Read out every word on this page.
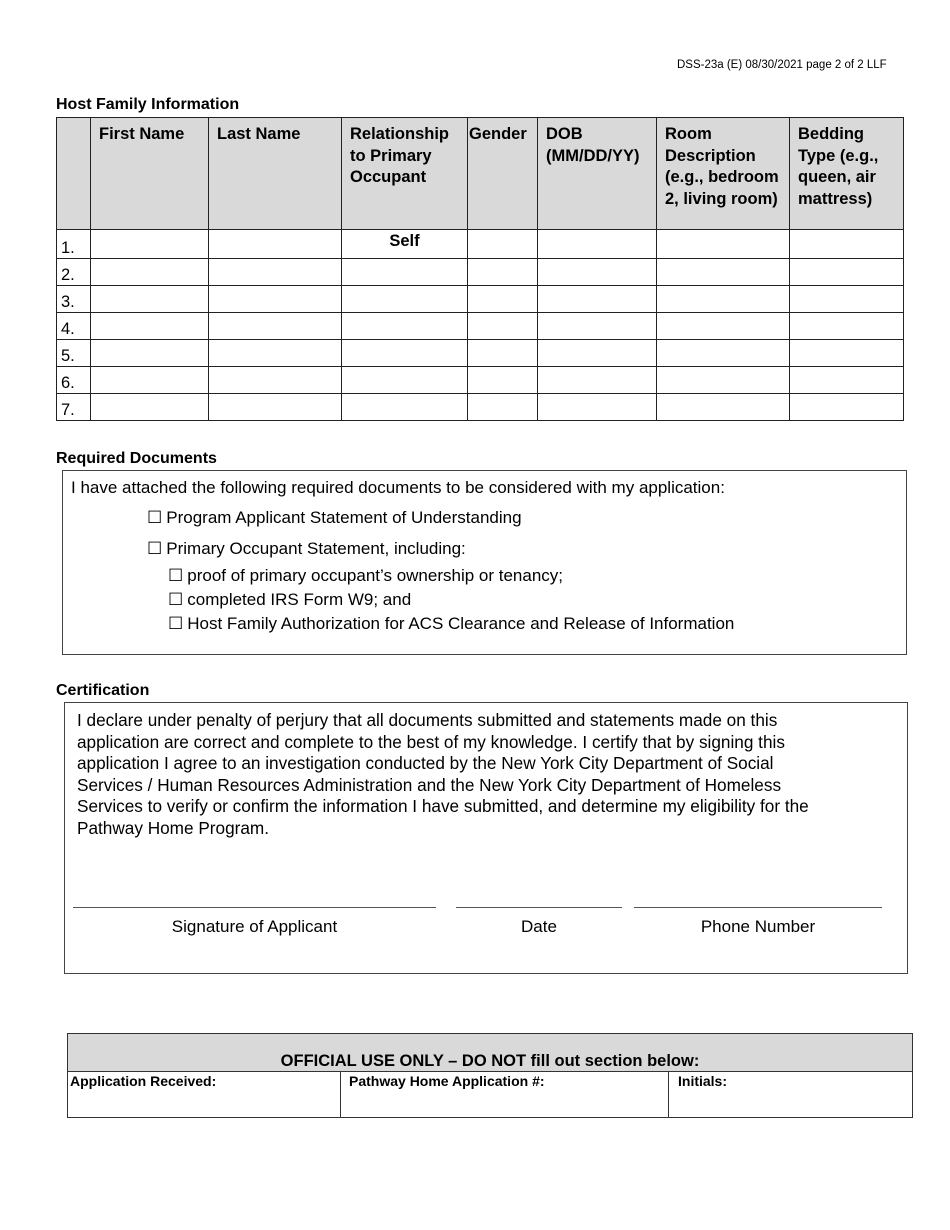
DSS-23a (E) 08/30/2021 page 2 of 2 LLF
Host Family Information
	First Name	Last Name	Relationship to Primary Occupant	Gender	DOB (MM/DD/YY)	Room Description (e.g., bedroom 2, living room)	Bedding Type (e.g., queen, air mattress)
1.			Self				
2.							
3.							
4.							
5.							
6.							
7.							
Required Documents
I have attached the following required documents to be considered with my application:
☐ Program Applicant Statement of Understanding
☐ Primary Occupant Statement, including:
☐ proof of primary occupant’s ownership or tenancy;
☐ completed IRS Form W9; and
☐ Host Family Authorization for ACS Clearance and Release of Information
Certification
I declare under penalty of perjury that all documents submitted and statements made on this
application are correct and complete to the best of my knowledge. I certify that by signing this
application I agree to an investigation conducted by the New York City Department of Social
Services / Human Resources Administration and the New York City Department of Homeless
Services to verify or confirm the information I have submitted, and determine my eligibility for the
Pathway Home Program.
Signature of Applicant	Date	Phone Number
OFFICIAL USE ONLY – DO NOT fill out section below:
Application Received:	Pathway Home Application #:	Initials:
